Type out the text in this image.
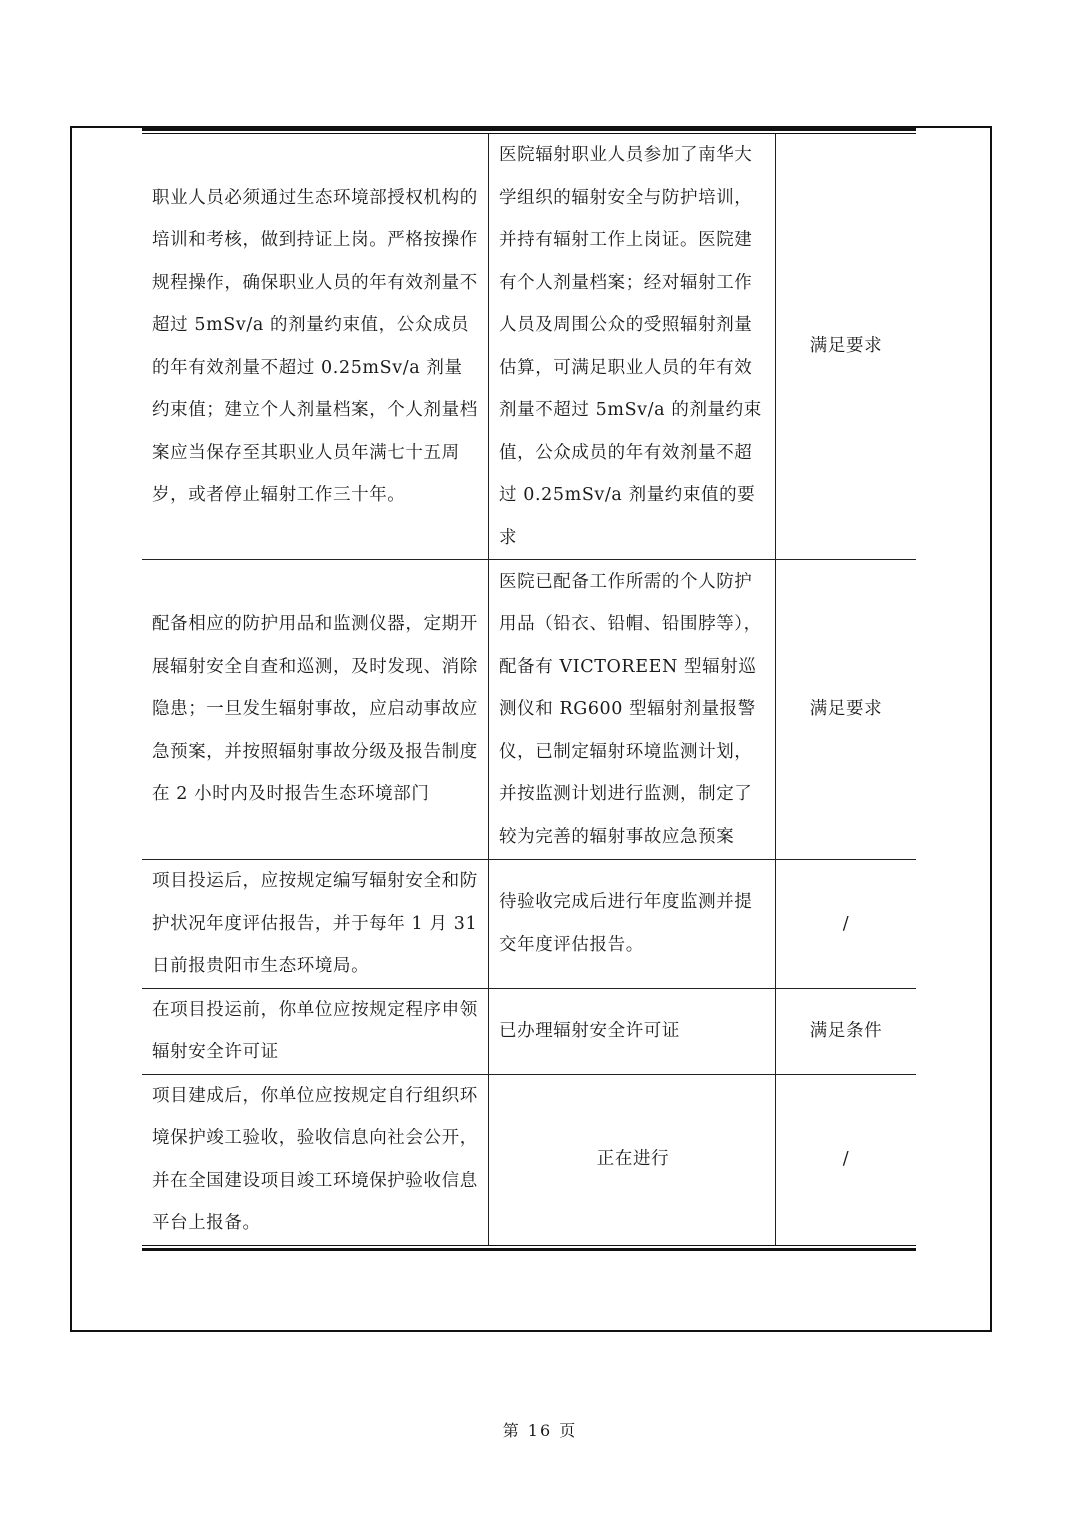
职业人员必须通过生态环境部授权机构的培训和考核，做到持证上岗。严格按操作规程操作，确保职业人员的年有效剂量不超过 5mSv/a 的剂量约束值，公众成员的年有效剂量不超过 0.25mSv/a 剂量约束值；建立个人剂量档案，个人剂量档案应当保存至其职业人员年满七十五周岁，或者停止辐射工作三十年。	医院辐射职业人员参加了南华大学组织的辐射安全与防护培训，并持有辐射工作上岗证。医院建有个人剂量档案；经对辐射工作人员及周围公众的受照辐射剂量估算，可满足职业人员的年有效剂量不超过 5mSv/a 的剂量约束值，公众成员的年有效剂量不超过 0.25mSv/a 剂量约束值的要求	满足要求
配备相应的防护用品和监测仪器，定期开展辐射安全自查和巡测，及时发现、消除隐患；一旦发生辐射事故，应启动事故应急预案，并按照辐射事故分级及报告制度在 2 小时内及时报告生态环境部门	医院已配备工作所需的个人防护用品（铅衣、铅帽、铅围脖等），配备有 VICTOREEN 型辐射巡测仪和 RG600 型辐射剂量报警仪，已制定辐射环境监测计划，并按监测计划进行监测，制定了较为完善的辐射事故应急预案	满足要求
项目投运后，应按规定编写辐射安全和防护状况年度评估报告，并于每年 1 月 31 日前报贵阳市生态环境局。	待验收完成后进行年度监测并提交年度评估报告。	/
在项目投运前，你单位应按规定程序申领辐射安全许可证	已办理辐射安全许可证	满足条件
项目建成后，你单位应按规定自行组织环境保护竣工验收，验收信息向社会公开，并在全国建设项目竣工环境保护验收信息平台上报备。	正在进行	/
第 16 页
